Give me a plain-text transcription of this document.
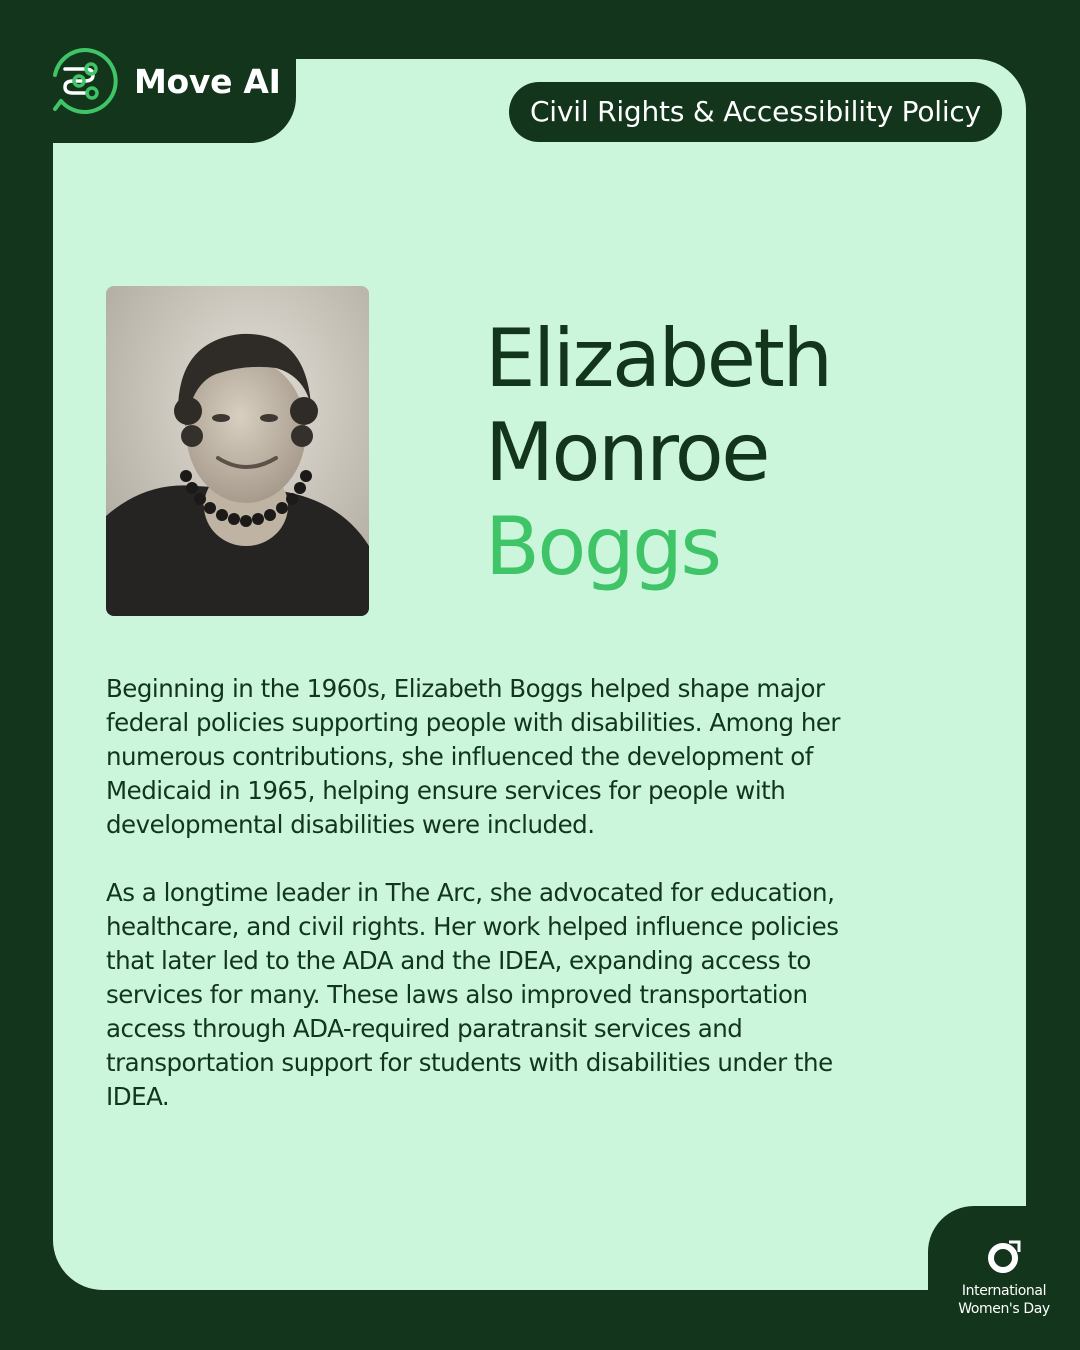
Move AI
Civil Rights & Accessibility Policy
Elizabeth
Monroe
Boggs

Beginning in the 1960s, Elizabeth Boggs helped shape major federal policies supporting people with disabilities. Among her numerous contributions, she influenced the development of Medicaid in 1965, helping ensure services for people with developmental disabilities were included.

As a longtime leader in The Arc, she advocated for education, healthcare, and civil rights. Her work helped influence policies that later led to the ADA and the IDEA, expanding access to services for many. These laws also improved transportation access through ADA-required paratransit services and transportation support for students with disabilities under the IDEA.

International
Women's Day
